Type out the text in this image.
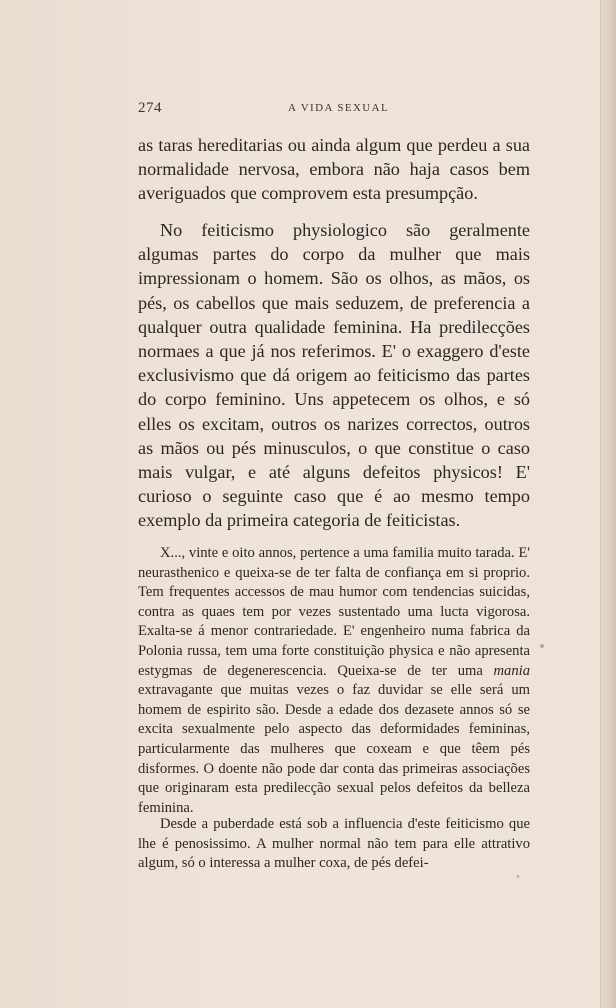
274	A VIDA SEXUAL

as taras hereditarias ou ainda algum que perdeu a sua normalidade nervosa, embora não haja casos bem averiguados que comprovem esta presumpção.

No feiticismo physiologico são geralmente algumas partes do corpo da mulher que mais impressionam o homem. São os olhos, as mãos, os pés, os cabellos que mais seduzem, de preferencia a qualquer outra qualidade feminina. Ha predilecções normaes a que já nos referimos. E' o exaggero d'este exclusivismo que dá origem ao feiticismo das partes do corpo feminino. Uns appetecem os olhos, e só elles os excitam, outros os narizes correctos, outros as mãos ou pés minusculos, o que constitue o caso mais vulgar, e até alguns defeitos physicos! E' curioso o seguinte caso que é ao mesmo tempo exemplo da primeira categoria de feiticistas.

X..., vinte e oito annos, pertence a uma familia muito tarada. E' neurasthenico e queixa-se de ter falta de confiança em si proprio. Tem frequentes accessos de mau humor com tendencias suicidas, contra as quaes tem por vezes sustentado uma lucta vigorosa. Exalta-se á menor contrariedade. E' engenheiro numa fabrica da Polonia russa, tem uma forte constituição physica e não apresenta estygmas de degenerescencia. Queixa-se de ter uma mania extravagante que muitas vezes o faz duvidar se elle será um homem de espirito são. Desde a edade dos dezasete annos só se excita sexualmente pelo aspecto das deformidades femininas, particularmente das mulheres que coxeam e que têem pés disformes. O doente não pode dar conta das primeiras associações que originaram esta predilecção sexual pelos defeitos da belleza feminina.

Desde a puberdade está sob a influencia d'este feiticismo que lhe é penosissimo. A mulher normal não tem para elle attrativo algum, só o interessa a mulher coxa, de pés defei-
